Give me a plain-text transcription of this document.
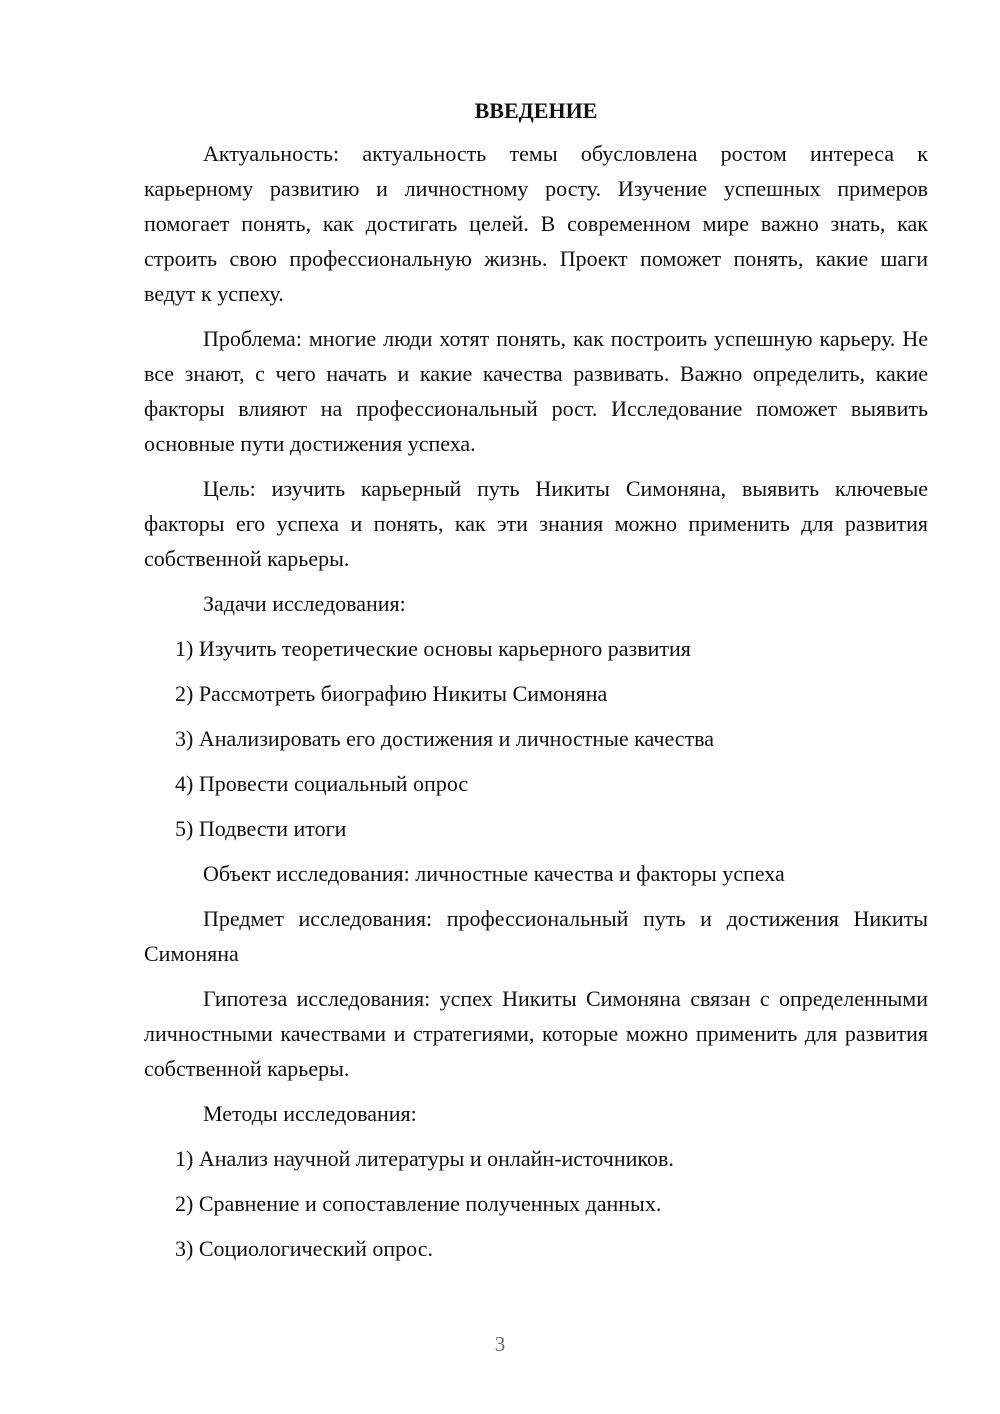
ВВЕДЕНИЕ

Актуальность: актуальность темы обусловлена ростом интереса к карьерному развитию и личностному росту. Изучение успешных примеров помогает понять, как достигать целей. В современном мире важно знать, как строить свою профессиональную жизнь. Проект поможет понять, какие шаги ведут к успеху.

Проблема: многие люди хотят понять, как построить успешную карьеру. Не все знают, с чего начать и какие качества развивать. Важно определить, какие факторы влияют на профессиональный рост. Исследование поможет выявить основные пути достижения успеха.

Цель: изучить карьерный путь Никиты Симоняна, выявить ключевые факторы его успеха и понять, как эти знания можно применить для развития собственной карьеры.

Задачи исследования:

1) Изучить теоретические основы карьерного развития
2) Рассмотреть биографию Никиты Симоняна
3) Анализировать его достижения и личностные качества
4) Провести социальный опрос
5) Подвести итоги

Объект исследования: личностные качества и факторы успеха

Предмет исследования: профессиональный путь и достижения Никиты Симоняна

Гипотеза исследования: успех Никиты Симоняна связан с определенными личностными качествами и стратегиями, которые можно применить для развития собственной карьеры.

Методы исследования:

1) Анализ научной литературы и онлайн-источников.
2) Сравнение и сопоставление полученных данных.
3) Социологический опрос.
3
